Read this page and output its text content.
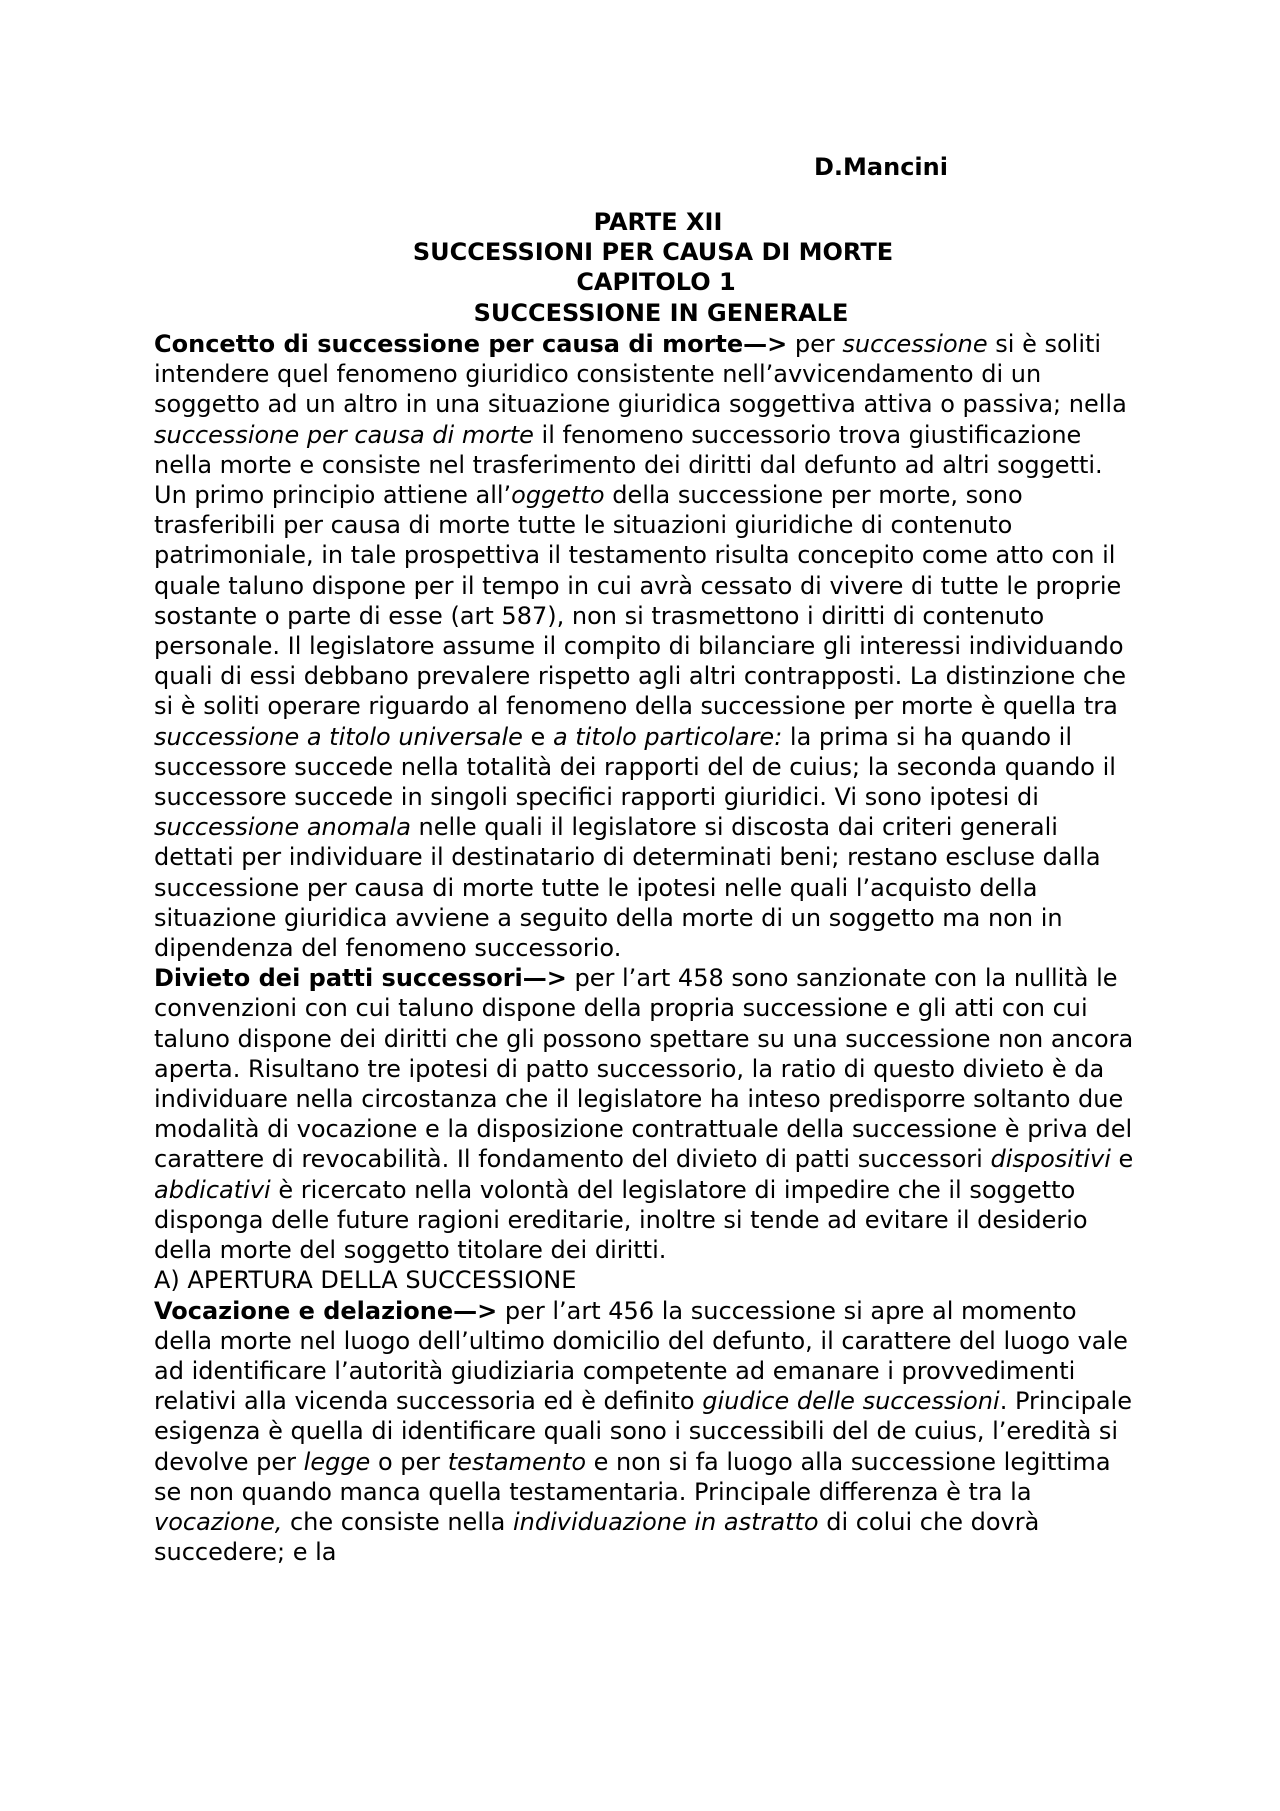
D.Mancini
PARTE XII
SUCCESSIONI PER CAUSA DI MORTE
CAPITOLO 1
SUCCESSIONE IN GENERALE

Concetto di successione per causa di morte—> per successione si è soliti intendere quel fenomeno giuridico consistente nell’avvicendamento di un soggetto ad un altro in una situazione giuridica soggettiva attiva o passiva; nella successione per causa di morte il fenomeno successorio trova giustificazione nella morte e consiste nel trasferimento dei diritti dal defunto ad altri soggetti. Un primo principio attiene all’oggetto della successione per morte, sono trasferibili per causa di morte tutte le situazioni giuridiche di contenuto patrimoniale, in tale prospettiva il testamento risulta concepito come atto con il quale taluno dispone per il tempo in cui avrà cessato di vivere di tutte le proprie sostante o parte di esse (art 587), non si trasmettono i diritti di contenuto personale. Il legislatore assume il compito di bilanciare gli interessi individuando quali di essi debbano prevalere rispetto agli altri contrapposti. La distinzione che si è soliti operare riguardo al fenomeno della successione per morte è quella tra successione a titolo universale e a titolo particolare: la prima si ha quando il successore succede nella totalità dei rapporti del de cuius; la seconda quando il successore succede in singoli specifici rapporti giuridici. Vi sono ipotesi di successione anomala nelle quali il legislatore si discosta dai criteri generali dettati per individuare il destinatario di determinati beni; restano escluse dalla successione per causa di morte tutte le ipotesi nelle quali l’acquisto della situazione giuridica avviene a seguito della morte di un soggetto ma non in dipendenza del fenomeno successorio.

Divieto dei patti successori—> per l’art 458 sono sanzionate con la nullità le convenzioni con cui taluno dispone della propria successione e gli atti con cui taluno dispone dei diritti che gli possono spettare su una successione non ancora aperta. Risultano tre ipotesi di patto successorio, la ratio di questo divieto è da individuare nella circostanza che il legislatore ha inteso predisporre soltanto due modalità di vocazione e la disposizione contrattuale della successione è priva del carattere di revocabilità. Il fondamento del divieto di patti successori dispositivi e abdicativi è ricercato nella volontà del legislatore di impedire che il soggetto disponga delle future ragioni ereditarie, inoltre si tende ad evitare il desiderio della morte del soggetto titolare dei diritti.

A) APERTURA DELLA SUCCESSIONE

Vocazione e delazione—> per l’art 456 la successione si apre al momento della morte nel luogo dell’ultimo domicilio del defunto, il carattere del luogo vale ad identificare l’autorità giudiziaria competente ad emanare i provvedimenti relativi alla vicenda successoria ed è definito giudice delle successioni. Principale esigenza è quella di identificare quali sono i successibili del de cuius, l’eredità si devolve per legge o per testamento e non si fa luogo alla successione legittima se non quando manca quella testamentaria. Principale differenza è tra la vocazione, che consiste nella individuazione in astratto di colui che dovrà succedere; e la
